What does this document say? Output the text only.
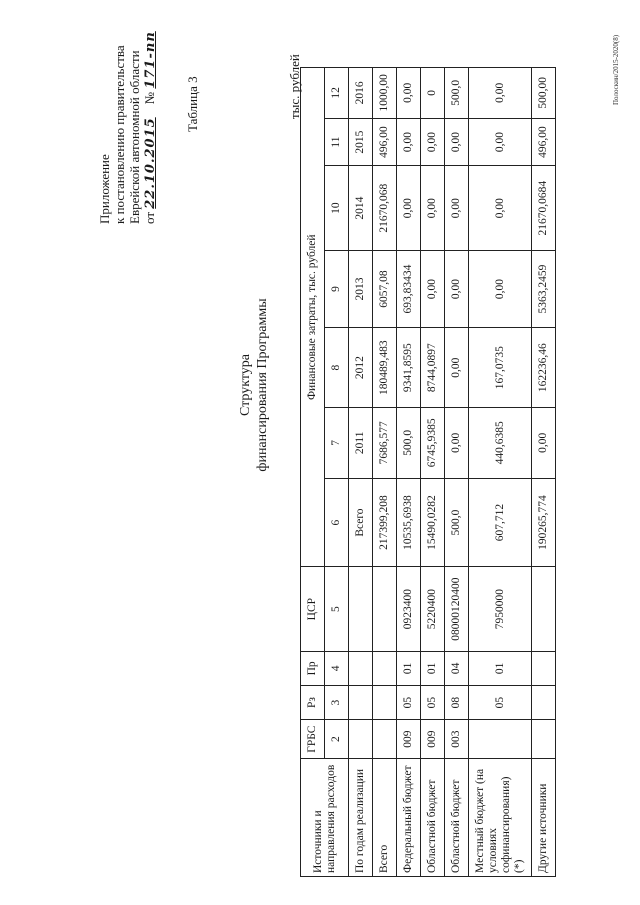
Приложение к постановлению правительства Еврейской автономной области от 22.10.2015    № 171-пп
Таблица 3
Структура финансирования Программы
тыс. рублей
Источники и направления расходов	ГРБС	Рз	Пр	ЦСР	Финансовые затраты, тыс. рублей						
	2	3	4	5	6	7	8	9	10	11	12
По годам реализации					Всего	2011	2012	2013	2014	2015	2016
Всего					217399,208	7686,577	180489,483	6057,08	21670,068	496,00	1000,00
Федеральный бюджет	009	05	01	0923400	10535,6938	500,0	9341,8595	693,83434	0,00	0,00	0,00
Областной бюджет	009	05	01	5220400	15490,0282	6745,9385	8744,0897	0,00	0,00	0,00	0
Областной бюджет	003	08	04	08000120400	500,0	0,00	0,00	0,00	0,00	0,00	500,0
Местный бюджет (на условиях софинансирования) (*)		05	01	7950000	607,712	440,6385	167,0735	0,00	0,00	0,00	0,00
Другие источники					190265,774	0,00	162236,46	5363,2459	21670,0684	496,00	500,00	Полоскин/2015-2020(8)
